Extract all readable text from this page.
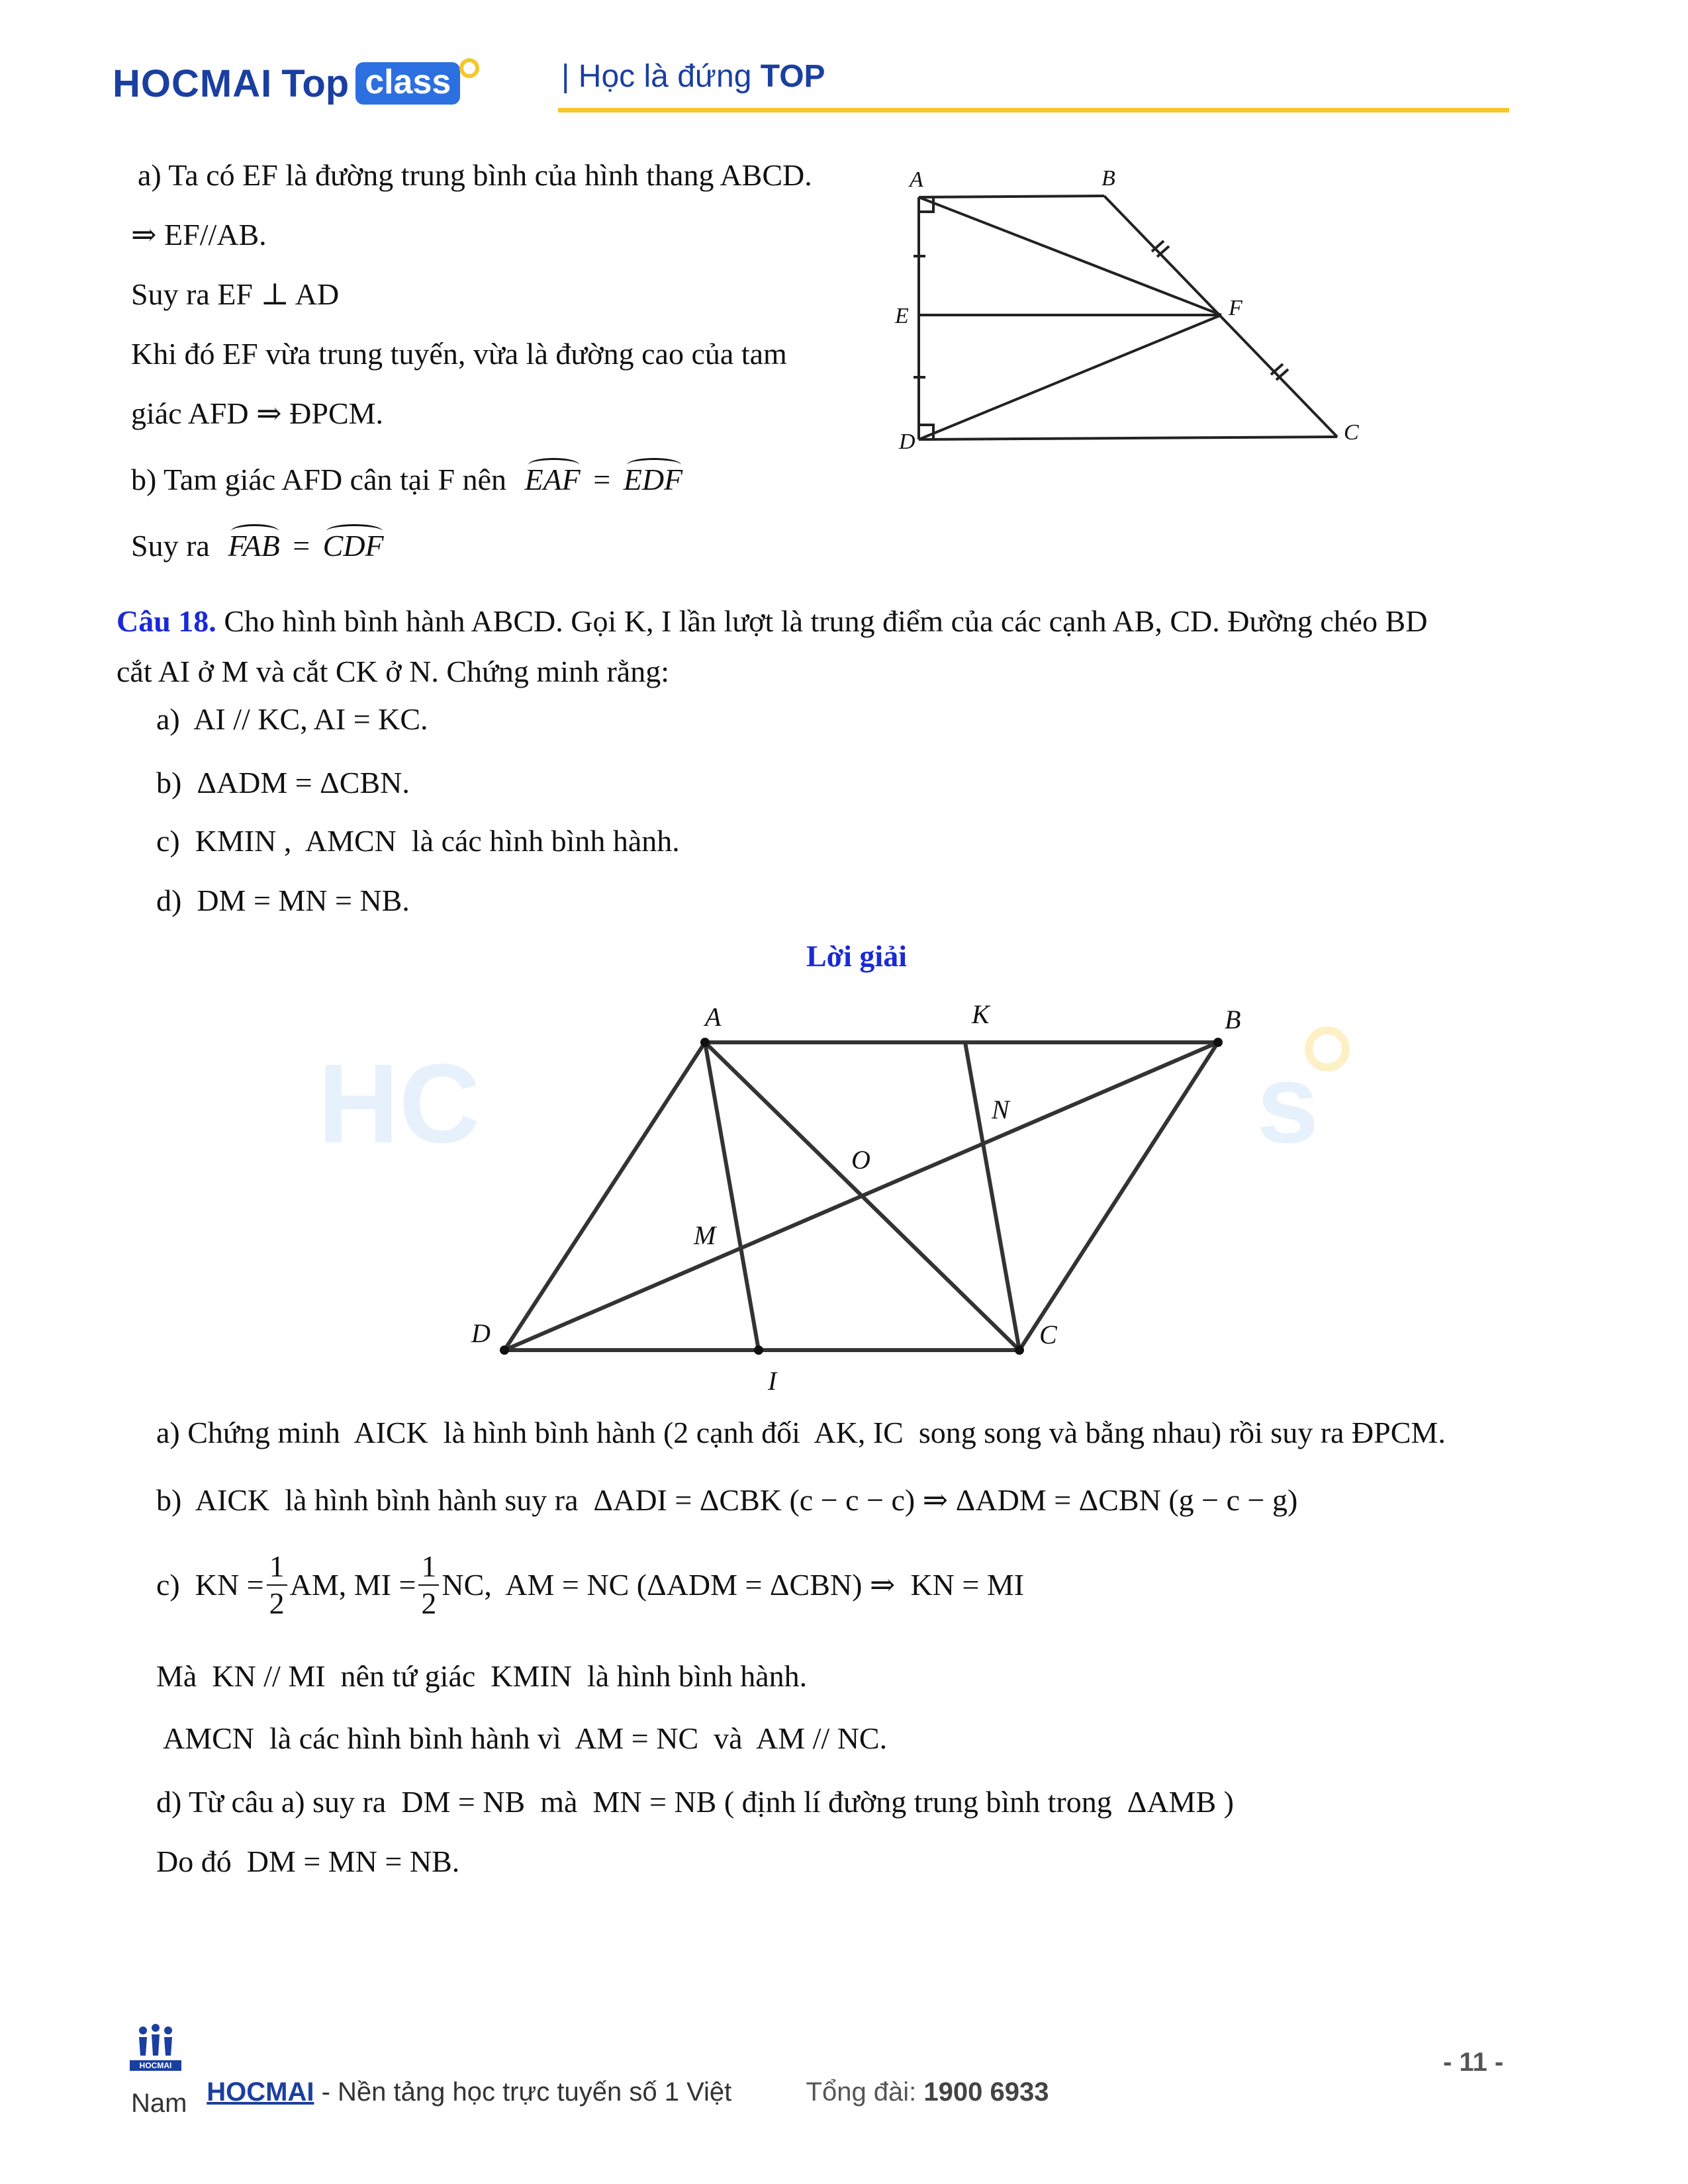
HOCMAI Top class	| Học là đứng TOP
a) Ta có EF là đường trung bình của hình thang ABCD.
⇒ EF//AB.
Suy ra EF ⊥ AD
Khi đó EF vừa trung tuyến, vừa là đường cao của tam
giác AFD ⇒ ĐPCM.
b) Tam giác AFD cân tại F nên EAF = EDF
Suy ra FAB = CDF
A	B
E	F
D	C
Câu 18. Cho hình bình hành ABCD. Gọi K, I lần lượt là trung điểm của các cạnh AB, CD. Đường chéo BD
cắt AI ở M và cắt CK ở N. Chứng minh rằng:
a)  AI // KC, AI = KC.
b)  ΔADM = ΔCBN.
c)  KMIN ,  AMCN  là các hình bình hành.
d)  DM = MN = NB.
Lời giải
HC	s
A	K	B
N
O
M
D
I
C
a) Chứng minh  AICK  là hình bình hành (2 cạnh đối  AK, IC  song song và bằng nhau) rồi suy ra ĐPCM.
b)  AICK  là hình bình hành suy ra  ΔADI = ΔCBK (c − c − c) ⇒ ΔADM = ΔCBN (g − c − g)
c)  KN = $\frac{1}{2}$ AM, MI = $\frac{1}{2}$ NC,  AM = NC (ΔADM = ΔCBN) ⇒  KN = MI
Mà  KN // MI  nên tứ giác  KMIN  là hình bình hành.
AMCN  là các hình bình hành vì  AM = NC  và  AM // NC.
d) Từ câu a) suy ra  DM = NB  mà  MN = NB ( định lí đường trung bình trong  ΔAMB )
Do đó  DM = MN = NB.
HOCMAI

HOCMAI - Nền tảng học trực tuyến số 1 Việt	Tổng đài: 1900 6933

- 11 -
Nam
